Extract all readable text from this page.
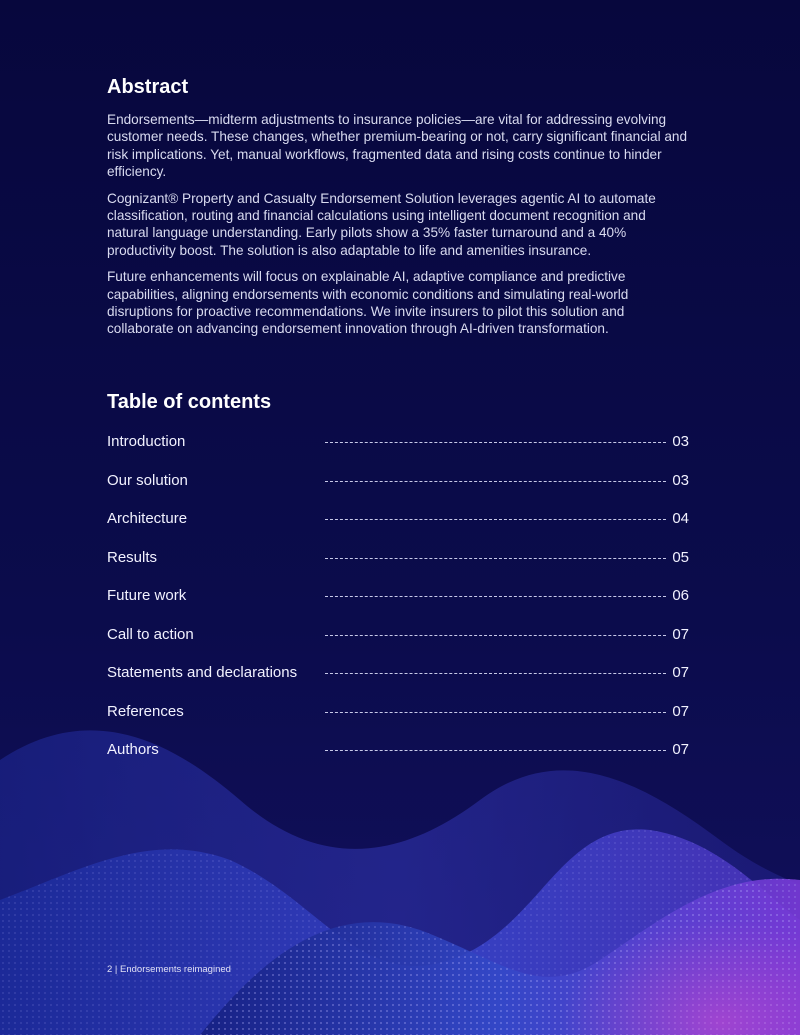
Abstract

Endorsements—midterm adjustments to insurance policies—are vital for addressing evolving customer needs. These changes, whether premium-bearing or not, carry significant financial and risk implications. Yet, manual workflows, fragmented data and rising costs continue to hinder efficiency.

Cognizant® Property and Casualty Endorsement Solution leverages agentic AI to automate classification, routing and financial calculations using intelligent document recognition and natural language understanding. Early pilots show a 35% faster turnaround and a 40% productivity boost. The solution is also adaptable to life and amenities insurance.

Future enhancements will focus on explainable AI, adaptive compliance and predictive capabilities, aligning endorsements with economic conditions and simulating real-world disruptions for proactive recommendations. We invite insurers to pilot this solution and collaborate on advancing endorsement innovation through AI-driven transformation.

Table of contents
Introduction	03
Our solution	03
Architecture	04
Results	05
Future work	06
Call to action	07
Statements and declarations	07
References	07
Authors	07
2 | Endorsements reimagined
